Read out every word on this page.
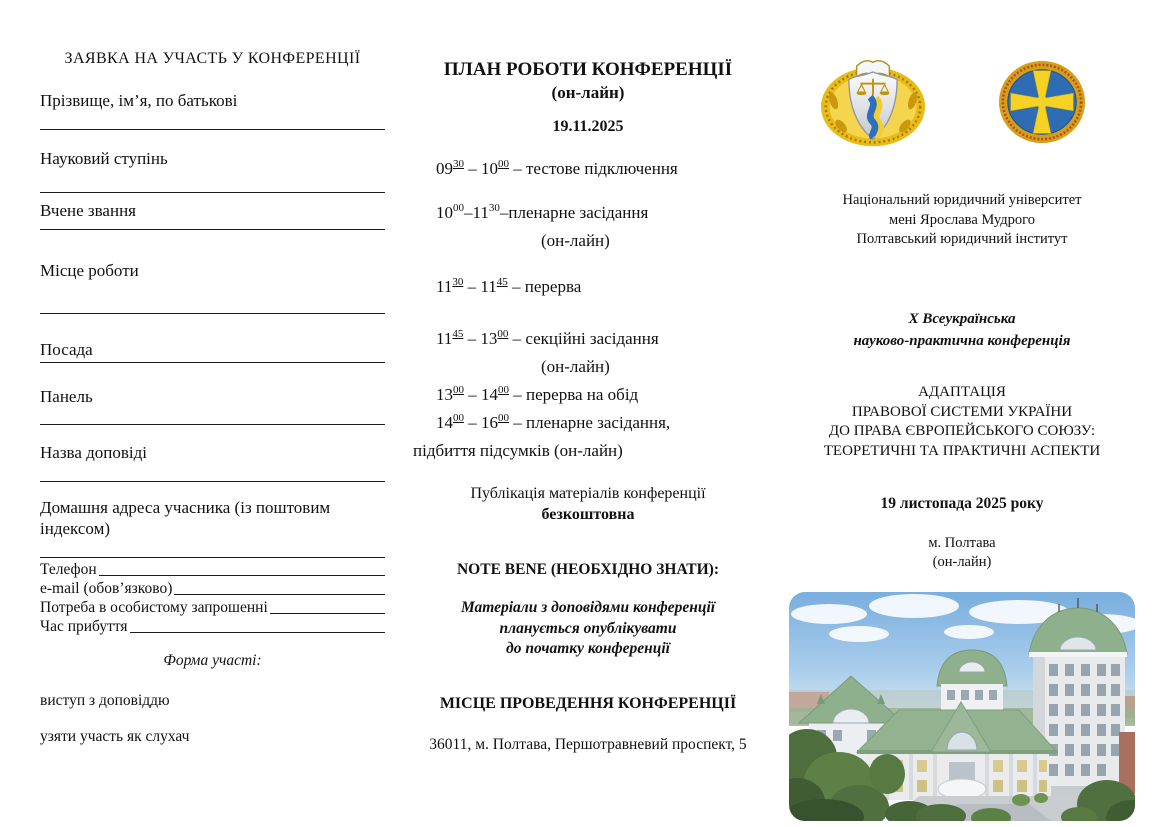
ЗАЯВКА НА УЧАСТЬ У КОНФЕРЕНЦІЇ
Прізвище, ім’я, по батькові
Науковий ступінь
Вчене звання
Місце роботи
Посада
Панель
Назва доповіді
Домашня адреса учасника (із поштовим індексом)
Телефон
e-mail (обов’язково)
Потреба в особистому запрошенні
Час прибуття
Форма участі:
виступ з доповіддю
узяти участь як слухач
ПЛАН РОБОТИ КОНФЕРЕНЦІЇ
(он-лайн)
19.11.2025
$09^{30} - 10^{00}$ – тестове підключення
$10^{00}-11^{30}$–пленарне засідання
(он-лайн)
$11^{30} - 11^{45}$ – перерва
$11^{45} - 13^{00}$ – секційні засідання
(он-лайн)
$13^{00} - 14^{00}$ – перерва на обід
$14^{00} - 16^{00}$ – пленарне засідання,
підбиття підсумків (он-лайн)
Публікація матеріалів конференції
безкоштовна
NOTE BENE (НЕОБХІДНО ЗНАТИ):
Матеріали з доповідями конференції
планується опублікувати
до початку конференції
МІСЦЕ ПРОВЕДЕННЯ КОНФЕРЕНЦІЇ
36011, м. Полтава, Першотравневий проспект, 5
Національний юридичний університет
мені Ярослава Мудрого
Полтавський юридичний інститут
Х Всеукраїнська
науково-практична конференція
АДАПТАЦІЯ
ПРАВОВОЇ СИСТЕМИ УКРАЇНИ
ДО ПРАВА ЄВРОПЕЙСЬКОГО СОЮЗУ:
ТЕОРЕТИЧНІ ТА ПРАКТИЧНІ АСПЕКТИ
19 листопада 2025 року
м. Полтава
(он-лайн)
